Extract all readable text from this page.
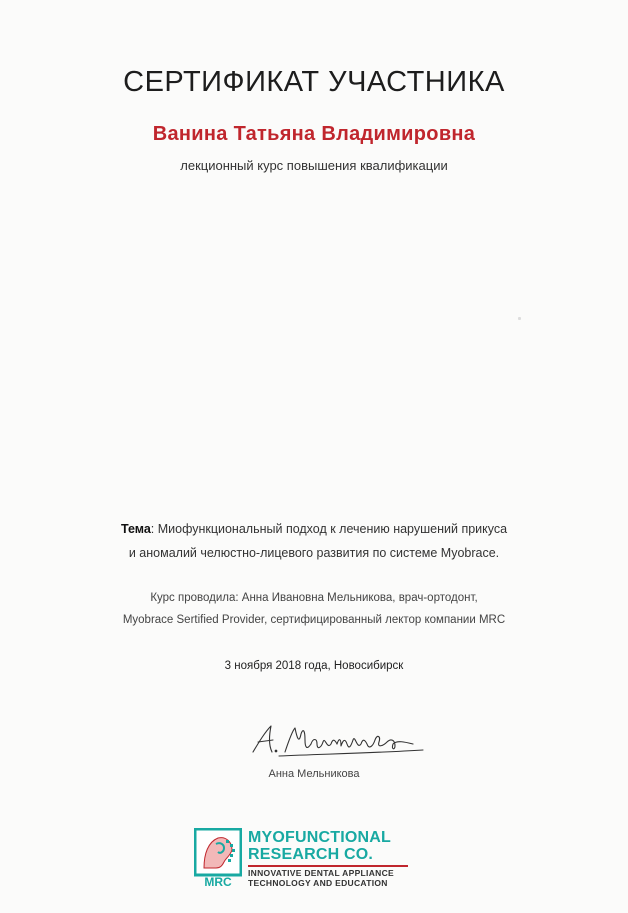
СЕРТИФИКАТ УЧАСТНИКА
Ванина Татьяна Владимировна
лекционный курс повышения квалификации
Тема: Миофункциональный подход к лечению нарушений прикуса
и аномалий челюстно-лицевого развития по системе Myobrace.
Курс проводила: Анна Ивановна Мельникова, врач-ортодонт,
Myobrace Sertified Provider, сертифицированный лектор компании MRC
3 ноября 2018 года, Новосибирск
Анна Мельникова
MRC
MYOFUNCTIONAL
RESEARCH CO.
INNOVATIVE DENTAL APPLIANCE
TECHNOLOGY AND EDUCATION
